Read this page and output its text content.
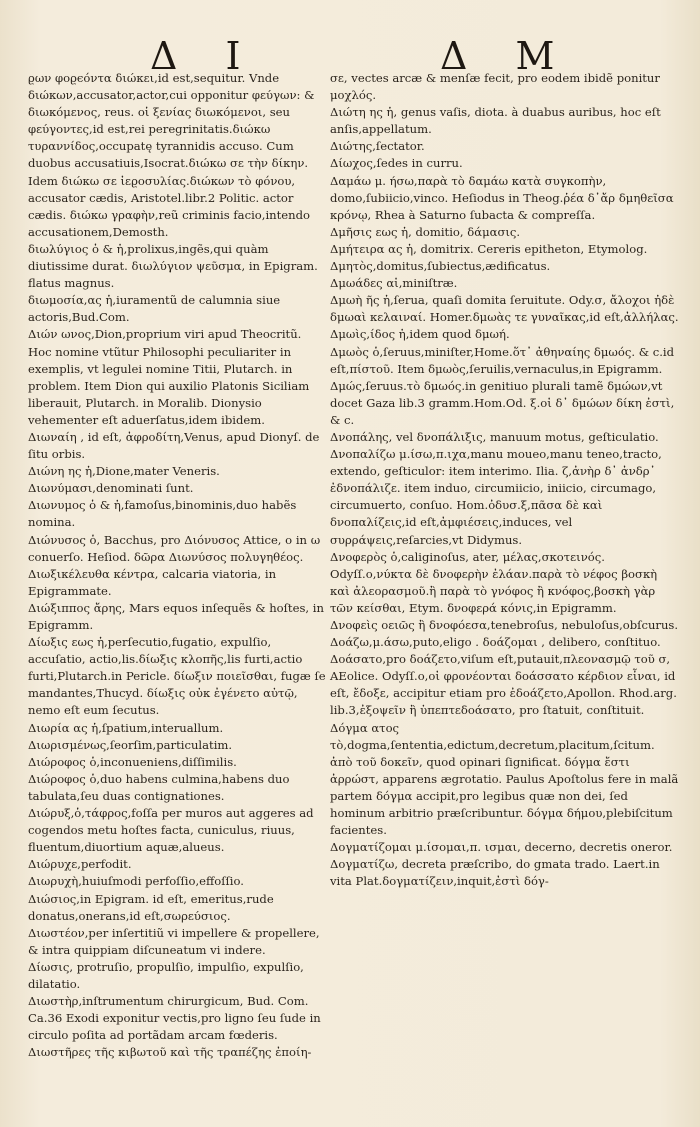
Δ Ι	Δ Μ

ϱων φοϱϵόντα διώκει,id est,sequitur. Vnde διώκων,accusator,actor,cui opponitur φεύγων: & διωκόμενος, reus. οἱ ξενίας διωκόμενοι, seu φεύγοντες,id est,rei peregrinitatis.διώκω τυραννίδος,occupatę tyrannidis accuso. Cum duobus accusatiuis,Isocrat.διώκω σε τὴν δίκην. Idem διώκω σε ἱεϱοσυλίας.διώκων τὸ φόνου, accusator cædis, Aristotel.libr.2 Politic. actor cædis. διώκω γραφὴν,reũ criminis facio,intendo accusationem,Demosth.

διωλύγιος ὁ & ἡ,prolixus,ingẽs,qui quàm diutissime durat. διωλύγιον ψεῦσμα, in Epigram. flatus magnus.

διωμοσία,ας ἡ,iuramentũ de calumnia siue actoris,Bud.Com.

Διών ωνος,Dion,proprium viri apud Theocritũ. Hoc nomine vtũtur Philosophi peculiariter in exemplis, vt legulei nomine Titii, Plutarch. in problem. Item Dion qui auxilio Platonis Siciliam liberauit, Plutarch. in Moralib. Dionysio vehementer eſt aduerſatus,idem ibidem.

Διωναίη , id eſt, ἀφροδίτη,Venus, apud Dionyſ. de ſitu orbis.

Διώνη ης ἡ,Dione,mater Veneris.

Διωνύμασι,denominati ſunt.

Διωνυμος ὁ & ἡ,famoſus,binominis,duo habẽs nomina.

Διώνυσος ὁ, Bacchus, pro Διόνυσος Attice, o in ω conuerſo. Heſiod. δῶρα Διωνύσος πολυγηθέος.

Διωξικέλευθα κέντρα, calcaria viatoria, in Epigrammate.

Διώξιππος ἄρης, Mars equos inſequẽs & hoſtes, in Epigramm.

Δίωξις εως ἡ,perſecutio,fugatio, expulſio, accuſatio, actio,lis.δίωξις κλοπῆς,lis furti,actio furti,Plutarch.in Pericle. δίωξιν ποιεῖσθαι, fugæ ſe mandantes,Thucyd. δίωξις οὐκ ἐγένετο αὐτῷ, nemo eſt eum ſecutus.

Διωρία ας ἡ,ſpatium,interuallum.

Διωρισμένως,ſeorſim,particulatim.

Διώροφος ὁ,inconueniens,diſſimilis.

Διώροφος ὁ,duo habens culmina,habens duo tabulata,ſeu duas contignationes.

Διώρυξ,ὁ,τάφρος,foſſa per muros aut aggeres ad cogendos metu hoſtes facta, cuniculus, riuus, fluentum,diuortium aquæ,alueus.

Διώρυχε,perfodit.

Διωρυχὴ,huiuſmodi perfoſſio,effoſſio.

Διώσιος,in Epigram. id eſt, emeritus,rude donatus,onerans,id eſt,σωρεύσιος.

Διωστέον,per inſertitiũ vi impellere & propellere, & intra quippiam diſcuneatum vi indere.

Δίωσις, protruſio, propulſio, impulſio, expulſio, dilatatio.

Διωστὴρ,inſtrumentum chirurgicum, Bud. Com. Ca.36 Exodi exponitur vectis,pro ligno ſeu ſude in circulo poſita ad portãdam arcam fœderis. Διωστῆρες τῆς κιβωτοῦ καὶ τῆς τραπέζης ἐποίη-

σε, vectes arcæ & menſæ fecit, pro eodem ibidẽ ponitur μοχλός.

Διώτη ης ἡ, genus vaſis, diota. à duabus auribus, hoc eſt anſis,appellatum.

Διώτης,ſectator.

Δίωχος,ſedes in curru.

Δαμάω μ. ήσω,παρὰ τὸ δαμάω κατὰ συγκοπὴν, domo,ſubiicio,vinco. Heſiodus in Theog.ῥέα δ᾽ἄρ δμηθεῖσα κρόνῳ, Rhea à Saturno ſubacta & compreſſa.

Δμῆσις εως ἡ, domitio, δάμασις.

Δμήτειρα ας ἡ, domitrix. Cereris epitheton, Etymolog.

Δμητὸς,domitus,ſubiectus,ædificatus.

Δμωάδες αἱ,miniſtræ.

Δμωὴ ῆς ἡ,ſerua, quaſi domita ſeruitute. Ody.σ, ἄλοχοι ἠδὲ δμωαὶ κελαιναί. Homer.δμωὰς τε γυναῖκας,id eſt,ἀλλήλας.

Δμωὶς,ίδος ἡ,idem quod δμωή.

Δμωὸς ὁ,ſeruus,miniſter,Home.ὅτ᾽ ἀθηναίης δμωός. & c.id eſt,πίστοῦ. Item δμωὸς,ſeruilis,vernaculus,in Epigramm.

Δμώς,ſeruus.τὸ δμωός.in genitiuo plurali tamẽ δμώων,vt docet Gaza lib.3 gramm.Hom.Od. ξ.οἱ δ᾽ δμώων δίκη ἐστὶ, & c.

Δνοπάλης, vel δνοπάλιξις, manuum motus, geſticulatio.

Δνοπαλίζω μ.ίσω,π.ιχα,manu moueo,manu teneo,tracto, extendo, geſticulor: item interimo. Ilia. ζ,ἀνὴρ δ᾽ ἀνδρ᾽ ἐδνοπάλιζε. item induo, circumiicio, iniicio, circumago, circumuerto, conſuo. Hom.ὀδυσ.ξ,πᾶσα δὲ καὶ δνοπαλίζεις,id eſt,ἀμφιέσεις,induces, vel συρράψεις,reſarcies,vt Didymus.

Δνοφερὸς ὁ,caliginoſus, ater, μέλας,σκοτεινός. Odyſſ.ο,νύκτα δὲ δνοφερὴν ἐλάαν.παρὰ τὸ νέφος βοσκὴ καὶ ἀλεορασμοῦ.ἢ παρὰ τὸ γνόφος ἢ κνόφος,βοσκὴ γὰρ τῶν κείσθαι, Etym. δνοφερά κόνις,in Epigramm.

Δνοφεὶς οειῶς ἢ δνοφόεσα,tenebroſus, nebuloſus,obſcurus.

Δοάζω,μ.άσω,puto,eligo . δοάζομαι , delibero, conſtituo.

Δοάσατο,pro δοάζετο,viſum eſt,putauit,πλεονασμῷ τοῦ σ, AEolice. Odyſſ.ο,οἱ φρονέονται δοάσσατο κέρδιον εἶναι, id eſt, ἔδοξε, accipitur etiam pro ἐδοάζετο,Apollon. Rhod.arg. lib.3,ἐξοψεῖν ἢ ὑπεπτεδοάσατο, pro ſtatuit, conſtituit.

Δόγμα ατος τὸ,dogma,ſententia,edictum,decretum,placitum,ſcitum. ἀπὸ τοῦ δοκεῖν, quod opinari ſignificat. δόγμα ἔστι ἀρρώστ, apparens ægrotatio. Paulus Apoſtolus fere in malã partem δόγμα accipit,pro legibus quæ non dei, ſed hominum arbitrio præſcribuntur. δόγμα δήμου,plebiſcitum facientes.

Δογματίζομαι μ.ίσομαι,π. ισμαι, decerno, decretis oneror.

Δογματίζω, decreta præſcribo, do gmata trado. Laert.in vita Plat.δογματίζειν,inquit,ἐστὶ δόγ-
